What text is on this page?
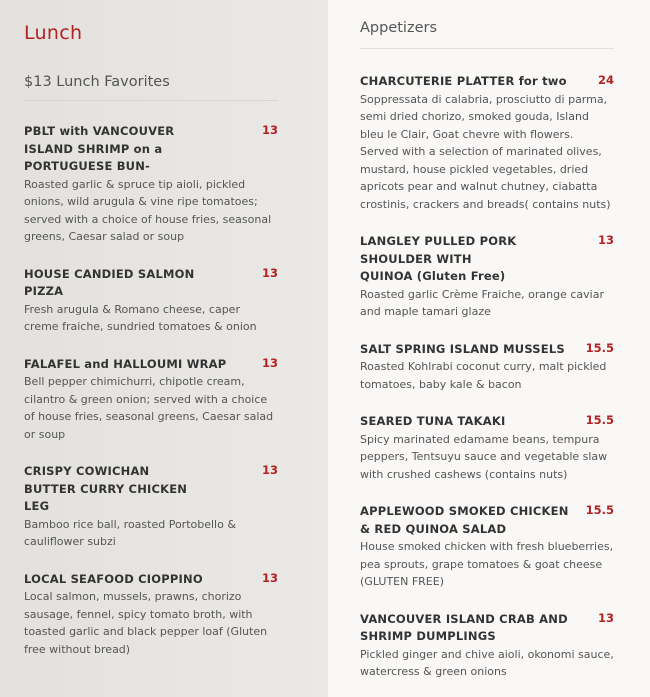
Lunch
$13 Lunch Favorites

PBLT with VANCOUVER ISLAND SHRIMP on a PORTUGUESE BUN-

13

Roasted garlic & spruce tip aioli, pickled onions, wild arugula & vine ripe tomatoes; served with a choice of house fries, seasonal greens, Caesar salad or soup

HOUSE CANDIED SALMON PIZZA

13

Fresh arugula & Romano cheese, caper creme fraiche, sundried tomatoes & onion

FALAFEL and HALLOUMI WRAP	13

Bell pepper chimichurri, chipotle cream, cilantro & green onion; served with a choice of house fries, seasonal greens, Caesar salad or soup

CRISPY COWICHAN BUTTER CURRY CHICKEN LEG

13

Bamboo rice ball, roasted Portobello & cauliflower subzi

LOCAL SEAFOOD CIOPPINO	13

Local salmon, mussels, prawns, chorizo sausage, fennel, spicy tomato broth, with toasted garlic and black pepper loaf (Gluten free without bread)

Appetizers

CHARCUTERIE PLATTER for two	24

Soppressata di calabria, prosciutto di parma, semi dried chorizo, smoked gouda, Island bleu le Clair, Goat chevre with flowers. Served with a selection of marinated olives, mustard, house pickled vegetables, dried apricots pear and walnut chutney, ciabatta crostinis, crackers and breads( contains nuts)

LANGLEY PULLED PORK SHOULDER WITH QUINOA (Gluten Free)

13

Roasted garlic Crème Fraiche, orange caviar and maple tamari glaze

SALT SPRING ISLAND MUSSELS	15.5

Roasted Kohlrabi coconut curry, malt pickled tomatoes, baby kale & bacon

SEARED TUNA TAKAKI	15.5

Spicy marinated edamame beans, tempura peppers, Tentsuyu sauce and vegetable slaw with crushed cashews (contains nuts)

APPLEWOOD SMOKED CHICKEN & RED QUINOA SALAD

15.5

House smoked chicken with fresh blueberries, pea sprouts, grape tomatoes & goat cheese (GLUTEN FREE)

VANCOUVER ISLAND CRAB AND SHRIMP DUMPLINGS

13

Pickled ginger and chive aioli, okonomi sauce, watercress & green onions
